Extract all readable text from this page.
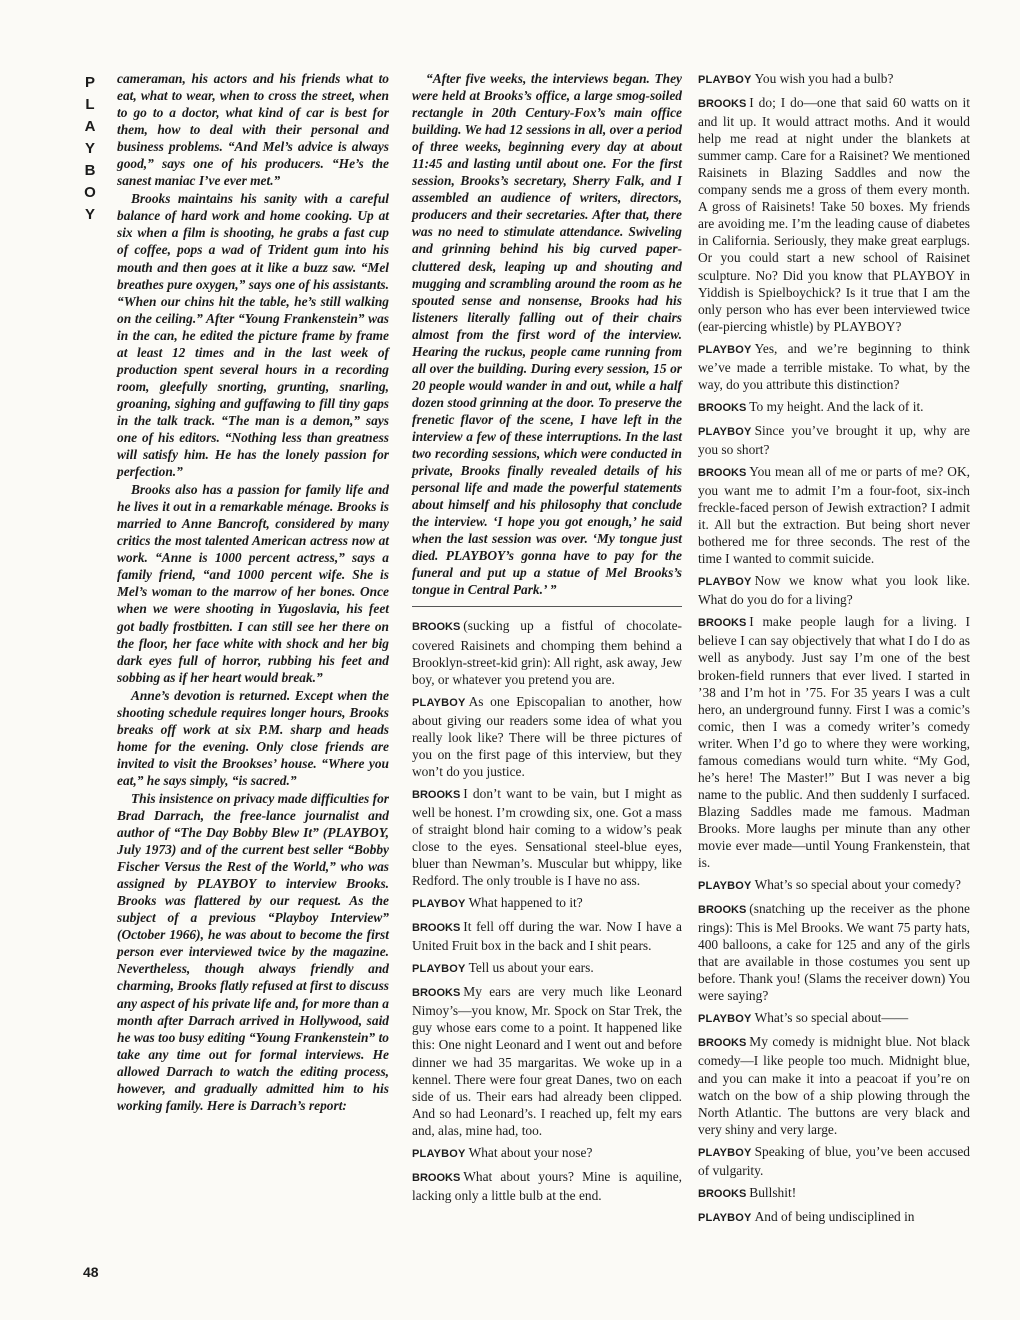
P
L
A
Y
B
O
Y
48

cameraman, his actors and his friends what to eat, what to wear, when to cross the street, when to go to a doctor, what kind of car is best for them, how to deal with their personal and business problems. “And Mel’s advice is always good,” says one of his producers. “He’s the sanest maniac I’ve ever met.”

Brooks maintains his sanity with a careful balance of hard work and home cooking. Up at six when a film is shooting, he grabs a fast cup of coffee, pops a wad of Trident gum into his mouth and then goes at it like a buzz saw. “Mel breathes pure oxygen,” says one of his assistants. “When our chins hit the table, he’s still walking on the ceiling.” After “Young Frankenstein” was in the can, he edited the picture frame by frame at least 12 times and in the last week of production spent several hours in a recording room, gleefully snorting, grunting, snarling, groaning, sighing and guffawing to fill tiny gaps in the talk track. “The man is a demon,” says one of his editors. “Nothing less than greatness will satisfy him. He has the lonely passion for perfection.”

Brooks also has a passion for family life and he lives it out in a remarkable ménage. Brooks is married to Anne Bancroft, considered by many critics the most talented American actress now at work. “Anne is 1000 percent actress,” says a family friend, “and 1000 percent wife. She is Mel’s woman to the marrow of her bones. Once when we were shooting in Yugoslavia, his feet got badly frostbitten. I can still see her there on the floor, her face white with shock and her big dark eyes full of horror, rubbing his feet and sobbing as if her heart would break.”

Anne’s devotion is returned. Except when the shooting schedule requires longer hours, Brooks breaks off work at six P.M. sharp and heads home for the evening. Only close friends are invited to visit the Brookses’ house. “Where you eat,” he says simply, “is sacred.”

This insistence on privacy made difficulties for Brad Darrach, the free-lance journalist and author of “The Day Bobby Blew It” (PLAYBOY, July 1973) and of the current best seller “Bobby Fischer Versus the Rest of the World,” who was assigned by PLAYBOY to interview Brooks. Brooks was flattered by our request. As the subject of a previous “Playboy Interview” (October 1966), he was about to become the first person ever interviewed twice by the magazine. Nevertheless, though always friendly and charming, Brooks flatly refused at first to discuss any aspect of his private life and, for more than a month after Darrach arrived in Hollywood, said he was too busy editing “Young Frankenstein” to take any time out for formal interviews. He allowed Darrach to watch the editing process, however, and gradually admitted him to his working family. Here is Darrach’s report:

“After five weeks, the interviews began. They were held at Brooks’s office, a large smog-soiled rectangle in 20th Century-Fox’s main office building. We had 12 sessions in all, over a period of three weeks, beginning every day at about 11:45 and lasting until about one. For the first session, Brooks’s secretary, Sherry Falk, and I assembled an audience of writers, directors, producers and their secretaries. After that, there was no need to stimulate attendance. Swiveling and grinning behind his big curved paper-cluttered desk, leaping up and shouting and mugging and scrambling around the room as he spouted sense and nonsense, Brooks had his listeners literally falling out of their chairs almost from the first word of the interview. Hearing the ruckus, people came running from all over the building. During every session, 15 or 20 people would wander in and out, while a half dozen stood grinning at the door. To preserve the frenetic flavor of the scene, I have left in the interview a few of these interruptions. In the last two recording sessions, which were conducted in private, Brooks finally revealed details of his personal life and made the powerful statements about himself and his philosophy that conclude the interview. ‘I hope you got enough,’ he said when the last session was over. ‘My tongue just died. PLAYBOY’s gonna have to pay for the funeral and put up a statue of Mel Brooks’s tongue in Central Park.’ ”

BROOKS (sucking up a fistful of chocolate-covered Raisinets and chomping them behind a Brooklyn-street-kid grin): All right, ask away, Jew boy, or whatever you pretend you are.

PLAYBOY As one Episcopalian to another, how about giving our readers some idea of what you really look like? There will be three pictures of you on the first page of this interview, but they won’t do you justice.

BROOKS I don’t want to be vain, but I might as well be honest. I’m crowding six, one. Got a mass of straight blond hair coming to a widow’s peak close to the eyes. Sensational steel-blue eyes, bluer than Newman’s. Muscular but whippy, like Redford. The only trouble is I have no ass.

PLAYBOY What happened to it?

BROOKS It fell off during the war. Now I have a United Fruit box in the back and I shit pears.

PLAYBOY Tell us about your ears.

BROOKS My ears are very much like Leonard Nimoy’s—you know, Mr. Spock on Star Trek, the guy whose ears come to a point. It happened like this: One night Leonard and I went out and before dinner we had 35 margaritas. We woke up in a kennel. There were four great Danes, two on each side of us. Their ears had already been clipped. And so had Leonard’s. I reached up, felt my ears and, alas, mine had, too.

PLAYBOY What about your nose?

BROOKS What about yours? Mine is aquiline, lacking only a little bulb at the end.

PLAYBOY You wish you had a bulb?

BROOKS I do; I do—one that said 60 watts on it and lit up. It would attract moths. And it would help me read at night under the blankets at summer camp. Care for a Raisinet? We mentioned Raisinets in Blazing Saddles and now the company sends me a gross of them every month. A gross of Raisinets! Take 50 boxes. My friends are avoiding me. I’m the leading cause of diabetes in California. Seriously, they make great earplugs. Or you could start a new school of Raisinet sculpture. No? Did you know that PLAYBOY in Yiddish is Spielboychick? Is it true that I am the only person who has ever been interviewed twice (ear-piercing whistle) by PLAYBOY?

PLAYBOY Yes, and we’re beginning to think we’ve made a terrible mistake. To what, by the way, do you attribute this distinction?

BROOKS To my height. And the lack of it.

PLAYBOY Since you’ve brought it up, why are you so short?

BROOKS You mean all of me or parts of me? OK, you want me to admit I’m a four-foot, six-inch freckle-faced person of Jewish extraction? I admit it. All but the extraction. But being short never bothered me for three seconds. The rest of the time I wanted to commit suicide.

PLAYBOY Now we know what you look like. What do you do for a living?

BROOKS I make people laugh for a living. I believe I can say objectively that what I do I do as well as anybody. Just say I’m one of the best broken-field runners that ever lived. I started in ’38 and I’m hot in ’75. For 35 years I was a cult hero, an underground funny. First I was a comic’s comic, then I was a comedy writer’s comedy writer. When I’d go to where they were working, famous comedians would turn white. “My God, he’s here! The Master!” But I was never a big name to the public. And then suddenly I surfaced. Blazing Saddles made me famous. Madman Brooks. More laughs per minute than any other movie ever made—until Young Frankenstein, that is.

PLAYBOY What’s so special about your comedy?

BROOKS (snatching up the receiver as the phone rings): This is Mel Brooks. We want 75 party hats, 400 balloons, a cake for 125 and any of the girls that are available in those costumes you sent up before. Thank you! (Slams the receiver down) You were saying?

PLAYBOY What’s so special about——

BROOKS My comedy is midnight blue. Not black comedy—I like people too much. Midnight blue, and you can make it into a peacoat if you’re on watch on the bow of a ship plowing through the North Atlantic. The buttons are very black and very shiny and very large.

PLAYBOY Speaking of blue, you’ve been accused of vulgarity.

BROOKS Bullshit!

PLAYBOY And of being undisciplined in
